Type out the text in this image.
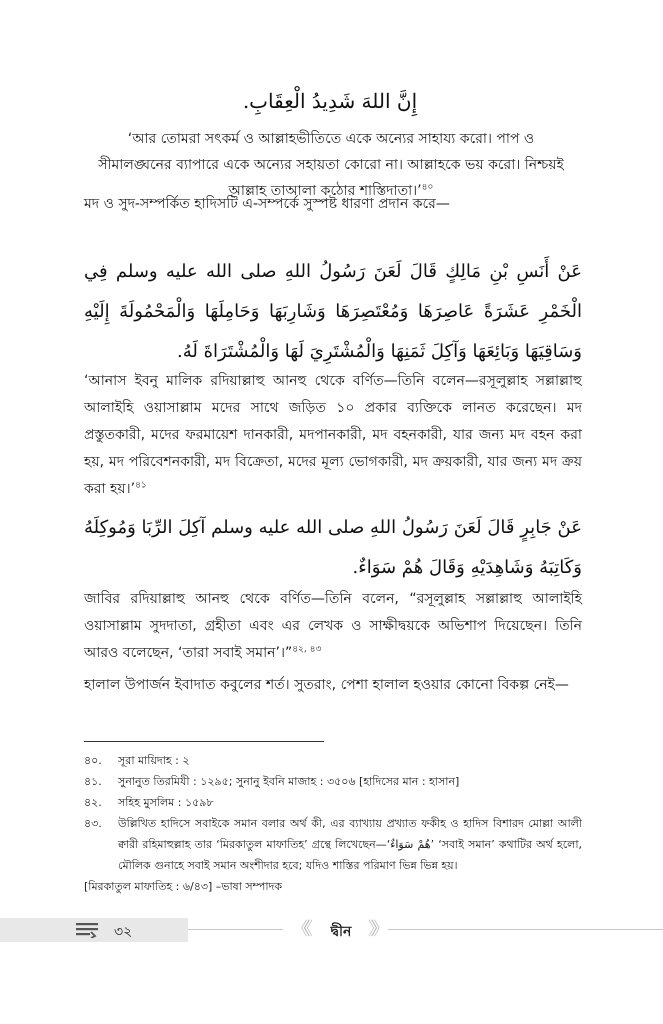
إِنَّ اللهَ شَدِيدُ الْعِقَابِ.

‘আর তোমরা সৎকর্ম ও আল্লাহভীতিতে একে অন্যের সাহায্য করো। পাপ ও সীমালঙ্ঘনের ব্যাপারে একে অন্যের সহায়তা কোরো না। আল্লাহকে ভয় করো। নিশ্চয়ই আল্লাহ তাআলা কঠোর শাস্তিদাতা।’$^{৪০}$

মদ ও সুদ-সম্পর্কিত হাদিসটি এ-সম্পর্কে সুস্পষ্ট ধারণা প্রদান করে—

عَنْ أَنَسِ بْنِ مَالِكٍ قَالَ لَعَنَ رَسُولُ اللهِ صلى الله عليه وسلم فِي الْخَمْرِ عَشَرَةً عَاصِرَهَا وَمُعْتَصِرَهَا وَشَارِبَهَا وَحَامِلَهَا وَالْمَحْمُولَةَ إِلَيْهِ وَسَاقِيَهَا وَبَائِعَهَا وَآكِلَ ثَمَنِهَا وَالْمُشْتَرِيَ لَهَا وَالْمُشْتَرَاةَ لَهُ.

‘আনাস ইবনু মালিক রদিয়াল্লাহু আনহু থেকে বর্ণিত—তিনি বলেন—রসূলুল্লাহ সল্লাল্লাহু আলাইহি ওয়াসাল্লাম মদের সাথে জড়িত ১০ প্রকার ব্যক্তিকে লানত করেছেন। মদ প্রস্তুতকারী, মদের ফরমায়েশ দানকারী, মদপানকারী, মদ বহনকারী, যার জন্য মদ বহন করা হয়, মদ পরিবেশনকারী, মদ বিক্রেতা, মদের মূল্য ভোগকারী, মদ ক্রয়কারী, যার জন্য মদ ক্রয় করা হয়।’$^{৪১}$

عَنْ جَابِرٍ قَالَ لَعَنَ رَسُولُ اللهِ صلى الله عليه وسلم آكِلَ الرِّبَا وَمُوكِلَهُ وَكَاتِبَهُ وَشَاهِدَيْهِ وَقَالَ هُمْ سَوَاءٌ.

জাবির রদিয়াল্লাহু আনহু থেকে বর্ণিত—তিনি বলেন, “রসূলুল্লাহ সল্লাল্লাহু আলাইহি ওয়াসাল্লাম সুদদাতা, গ্রহীতা এবং এর লেখক ও সাক্ষীদ্বয়কে অভিশাপ দিয়েছেন। তিনি আরও বলেছেন, ‘তারা সবাই সমান’।”$^{৪২, ৪৩}$

হালাল উপার্জন ইবাদাত কবুলের শর্ত। সুতরাং, পেশা হালাল হওয়ার কোনো বিকল্প নেই—

৪০.	সূরা মায়িদাহ : ২
৪১.	সুনানুত তিরমিযী : ১২৯৫; সুনানু ইবনি মাজাহ : ৩৫০৬ [হাদিসের মান : হাসান]
৪২.	সহিহ মুসলিম : ১৫৯৮
৪৩.	উল্লিখিত হাদিসে সবাইকে সমান বলার অর্থ কী, এর ব্যাখ্যায় প্রখ্যাত ফকীহ ও হাদিস বিশারদ মোল্লা আলী ক্বারী রহিমাহুল্লাহ তার ‘মিরকাতুল মাফাতিহ’ গ্রন্থে লিখেছেন—‘هُمْ سَوَاءٌ’ ‘সবাই সমান’ কথাটির অর্থ হলো, মৌলিক গুনাহে সবাই সমান অংশীদার হবে; যদিও শাস্তির পরিমাণ ভিন্ন ভিন্ন হয়।
[মিরকাতুল মাফাতিহ : ৬/৪৩] –ভাষা সম্পাদক
৩২	《《	দ্বীন 》》
